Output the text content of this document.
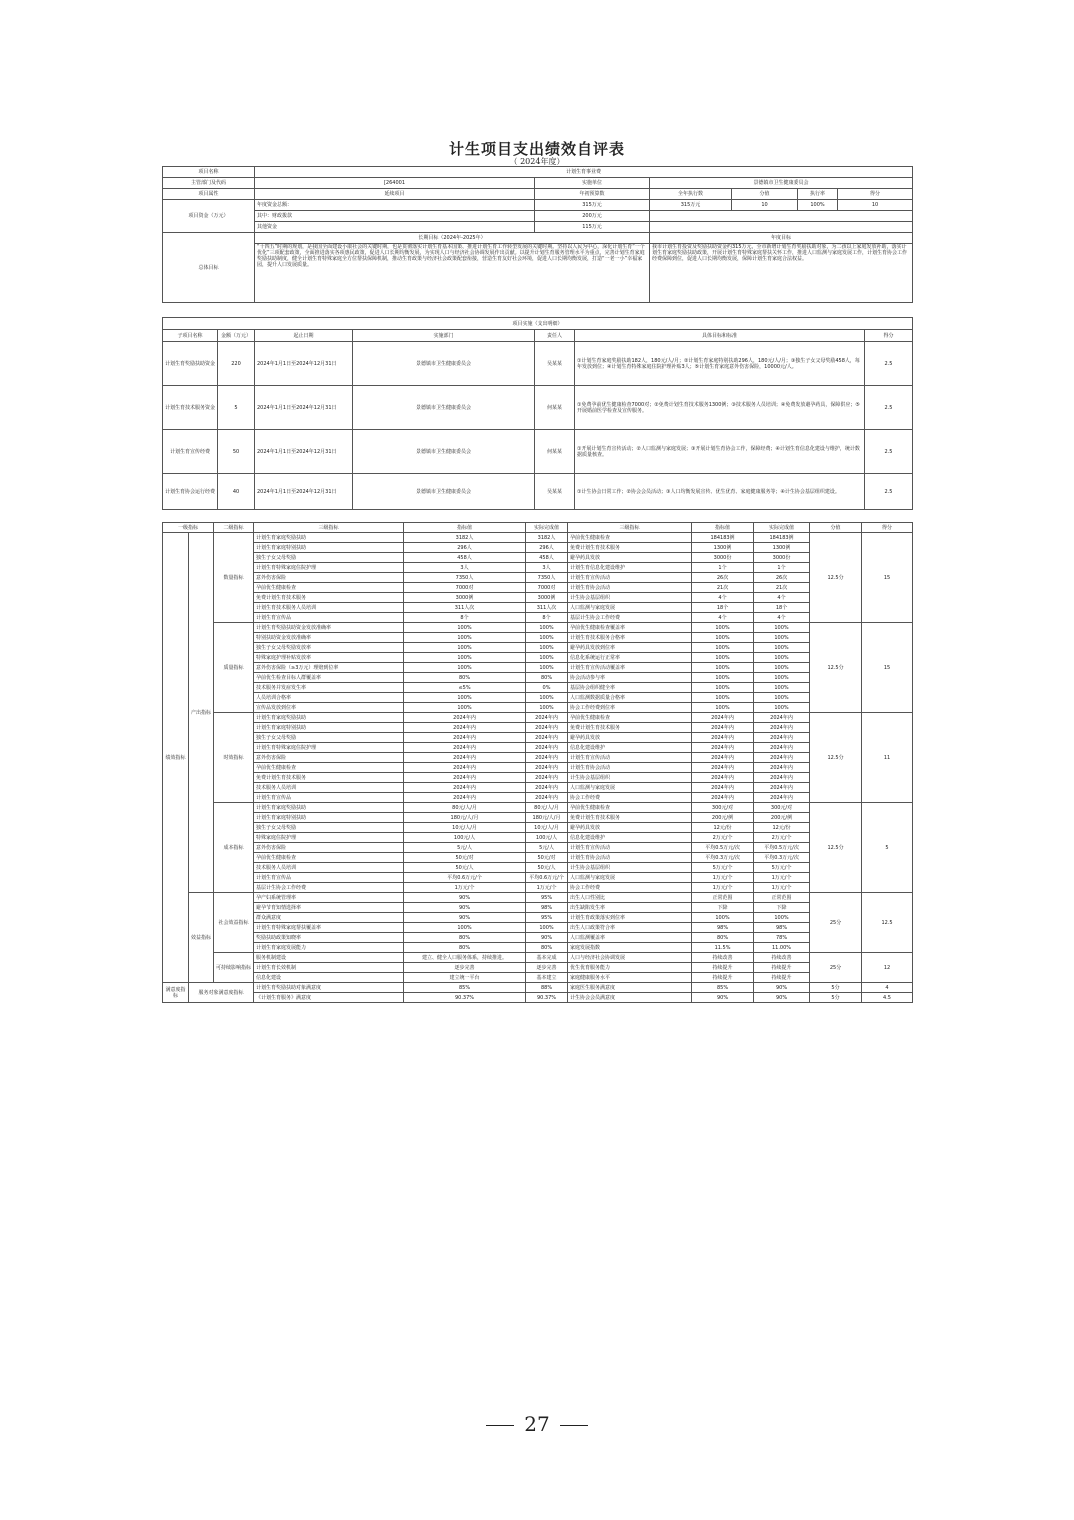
计生项目支出绩效自评表
（ 2024年度）
项目名称	计划生育事业费					
主管部门及代码	[264001	实施单位	景德镇市卫生健康委员会			
项目属性	延续项目	年初预算数	全年执行数	分值	执行率	得分
项目资金（万元）	年度资金总额：	315万元	315万元	10	100%	10
	其中：财政拨款	200万元				
	其他资金	115万元				
总体目标	长期目标（2024年-2025年）		年度目标			
	“十四五”时期的规划，是我国全面建设小康社会的关键时期，也是贯彻落实计划生育基本国策、推进计划生育工作转型发展的关键时期。坚持以人民为中心，深化计划生育“一个优化”三项配套政策，全面推进落实各项惠民政策，促进人口长期均衡发展，为实现人口与经济社会协调发展作出贡献。以提升计划生育服务管理水平为重点，完善计划生育家庭奖励扶助制度，健全计划生育特殊家庭全方位帮扶保障机制，推动生育政策与经济社会政策配套衔接，营造生育友好社会环境，促进人口长期均衡发展，打造“一老一小”幸福家园，提升人口发展质量。		我市计划生育投资及奖励扶助资金约315万元，全市新增计划生育奖励扶助对象，为二孩以上家庭发放补助，落实计划生育家庭奖励扶助政策，开展计划生育特殊家庭帮扶关怀工作，推进人口监测与家庭发展工作，计划生育协会工作经费保障到位，促进人口长期均衡发展，保障计划生育家庭合法权益。			
项目实施（支出明细）						
子项目名称	金额（万元）	起止日期	实施部门	责任人	具体目标和标准	得分
计划生育奖励扶助资金	220	2024年1月1日至2024年12月31日	景德镇市卫生健康委员会	吴某某	①计划生育家庭奖励扶助182人，180元/人/月；②计划生育家庭特别扶助296人，180元/人/月；③独生子女父母奖励458人，每年发放到位；④计划生育特殊家庭住院护理补贴3人；⑤计划生育家庭意外伤害保险，10000元/人。	2.5
计划生育技术服务资金	5	2024年1月1日至2024年12月31日	景德镇市卫生健康委员会	何某某	①免费孕前优生健康检查7000对；②免费计划生育技术服务1300例；③技术服务人员培训；④免费发放避孕药具，保障供应；⑤开展婚前医学检查及宣传服务。	2.5
计划生育宣传经费	50	2024年1月1日至2024年12月31日	景德镇市卫生健康委员会	何某某	①开展计划生育宣传活动；②人口监测与家庭发展；③开展计划生育协会工作，保障经费；④计划生育信息化建设与维护，统计数据质量核查。	2.5
计划生育协会运行经费	40	2024年1月1日至2024年12月31日	景德镇市卫生健康委员会	吴某某	①计生协会日常工作；②协会会员活动；③人口均衡发展宣传、优生优育、家庭健康服务等；④计生协会基层组织建设。	2.5
一级指标		二级指标	三级指标	指标值	实际完成值	三级指标	指标值	实际完成值	分值	得分
绩效指标	产出指标	数量指标	计划生育家庭奖励扶助	3182人	3182人	孕前优生健康检查	184183例	184183例	12.5分	15
			计划生育家庭特别扶助	296人	296人	免费计划生育技术服务	1300例	1300例		
			独生子女父母奖励	458人	458人	避孕药具发放	3000份	3000份		
			计划生育特殊家庭住院护理	3人	3人	计划生育信息化建设维护	1个	1个		
			意外伤害保险	7350人	7350人	计划生育宣传活动	26次	26次		
			孕前优生健康检查	7000对	7000对	计划生育协会活动	21次	21次		
			免费计划生育技术服务	3000例	3000例	计生协会基层组织	4个	4个		
			计划生育技术服务人员培训	311人次	311人次	人口监测与家庭发展	18个	18个		
			计划生育宣传品	8个	8个	基层计生协会工作经费	4个	4个		
		质量指标	计划生育奖励扶助资金发放准确率	100%	100%	孕前优生健康检查覆盖率	100%	100%	12.5分	15
			特别扶助资金发放准确率	100%	100%	计划生育技术服务合格率	100%	100%		
			独生子女父母奖励发放率	100%	100%	避孕药具发放到位率	100%	100%		
			特殊家庭护理补贴发放率	100%	100%	信息化系统运行正常率	100%	100%		
			意外伤害保险（≥3万元）理赔到位率	100%	100%	计划生育宣传活动覆盖率	100%	100%		
			孕前优生检查目标人群覆盖率	80%	80%	协会活动参与率	100%	100%		
			技术服务并发症发生率	≤5%	0%	基层协会组织健全率	100%	100%		
			人员培训合格率	100%	100%	人口监测数据质量合格率	100%	100%		
			宣传品发放到位率	100%	100%	协会工作经费到位率	100%	100%		
		时效指标	计划生育家庭奖励扶助	2024年内	2024年内	孕前优生健康检查	2024年内	2024年内	12.5分	11
			计划生育家庭特别扶助	2024年内	2024年内	免费计划生育技术服务	2024年内	2024年内		
			独生子女父母奖励	2024年内	2024年内	避孕药具发放	2024年内	2024年内		
			计划生育特殊家庭住院护理	2024年内	2024年内	信息化建设维护	2024年内	2024年内		
			意外伤害保险	2024年内	2024年内	计划生育宣传活动	2024年内	2024年内		
			孕前优生健康检查	2024年内	2024年内	计划生育协会活动	2024年内	2024年内		
			免费计划生育技术服务	2024年内	2024年内	计生协会基层组织	2024年内	2024年内		
			技术服务人员培训	2024年内	2024年内	人口监测与家庭发展	2024年内	2024年内		
			计划生育宣传品	2024年内	2024年内	协会工作经费	2024年内	2024年内		
		成本指标	计划生育家庭奖励扶助	80元/人/月	80元/人/月	孕前优生健康检查	300元/对	300元/对	12.5分	5
			计划生育家庭特别扶助	180元/人/月	180元/人/月	免费计划生育技术服务	200元/例	200元/例		
			独生子女父母奖励	10元/人/月	10元/人/月	避孕药具发放	12元/份	12元/份		
			特殊家庭住院护理	100元/人	100元/人	信息化建设维护	2万元/个	2万元/个		
			意外伤害保险	5元/人	5元/人	计划生育宣传活动	平均0.5万元/次	平均0.5万元/次		
			孕前优生健康检查	50元/对	50元/对	计划生育协会活动	平均0.3万元/次	平均0.3万元/次		
			技术服务人员培训	50元/人	50元/人	计生协会基层组织	5万元/个	5万元/个		
			计划生育宣传品	平均0.6万元/个	平均0.6万元/个	人口监测与家庭发展	1万元/个	1万元/个		
			基层计生协会工作经费	1万元/个	1万元/个	协会工作经费	1万元/个	1万元/个		
	效益指标	社会效益指标	孕产妇系统管理率	90%	95%	出生人口性别比	正常范围	正常范围	25分	12.5
			避孕节育知情选择率	90%	98%	出生缺陷发生率	下降	下降		
			群众满意度	90%	95%	计划生育政策落实到位率	100%	100%		
			计划生育特殊家庭帮扶覆盖率	100%	100%	出生人口政策符合率	98%	98%		
			奖励扶助政策知晓率	80%	90%	人口监测覆盖率	80%	78%		
			计划生育家庭发展能力	80%	80%	家庭发展指数	11.5%	11.00%		
		可持续影响指标	服务机制建设	建立、健全人口服务体系，持续推进。	基本完成	人口与经济社会协调发展	持续改善	持续改善	25分	12
			计划生育长效机制	逐步完善	逐步完善	优生优育服务能力	持续提升	持续提升		
			信息化建设	建立统一平台	基本建立	家庭健康服务水平	持续提升	持续提升		
满意度指标	服务对象满意度指标		计划生育奖励扶助对象满意度	85%	88%	家庭医生服务满意度	85%	90%	5分	4
			《计划生育服务》满意度	90.37%	90.37%	计生协会会员满意度	90%	90%	5分	4.5
27
